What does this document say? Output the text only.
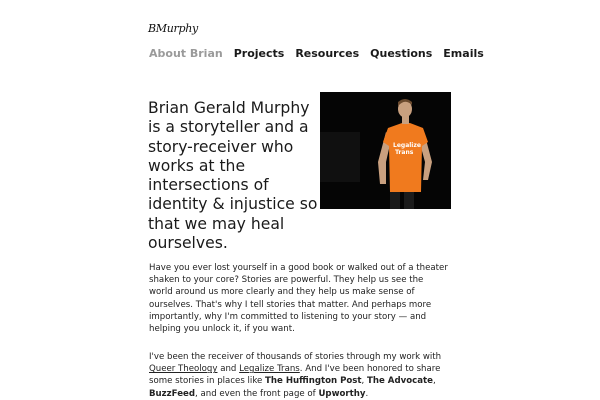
BMurphy
About Brian Projects Resources Questions Emails
Brian Gerald Murphy is a storyteller and a story-receiver who works at the intersections of identity & injustice so that we may heal ourselves.
Legalize
Trans

Have you ever lost yourself in a good book or walked out of a theater shaken to your core? Stories are powerful. They help us see the world around us more clearly and they help us make sense of ourselves. That's why I tell stories that matter. And perhaps more importantly, why I'm committed to listening to your story — and helping you unlock it, if you want.

I've been the receiver of thousands of stories through my work with Queer Theology and Legalize Trans. And I've been honored to share some stories in places like The Huffington Post, The Advocate, BuzzFeed, and even the front page of Upworthy.
